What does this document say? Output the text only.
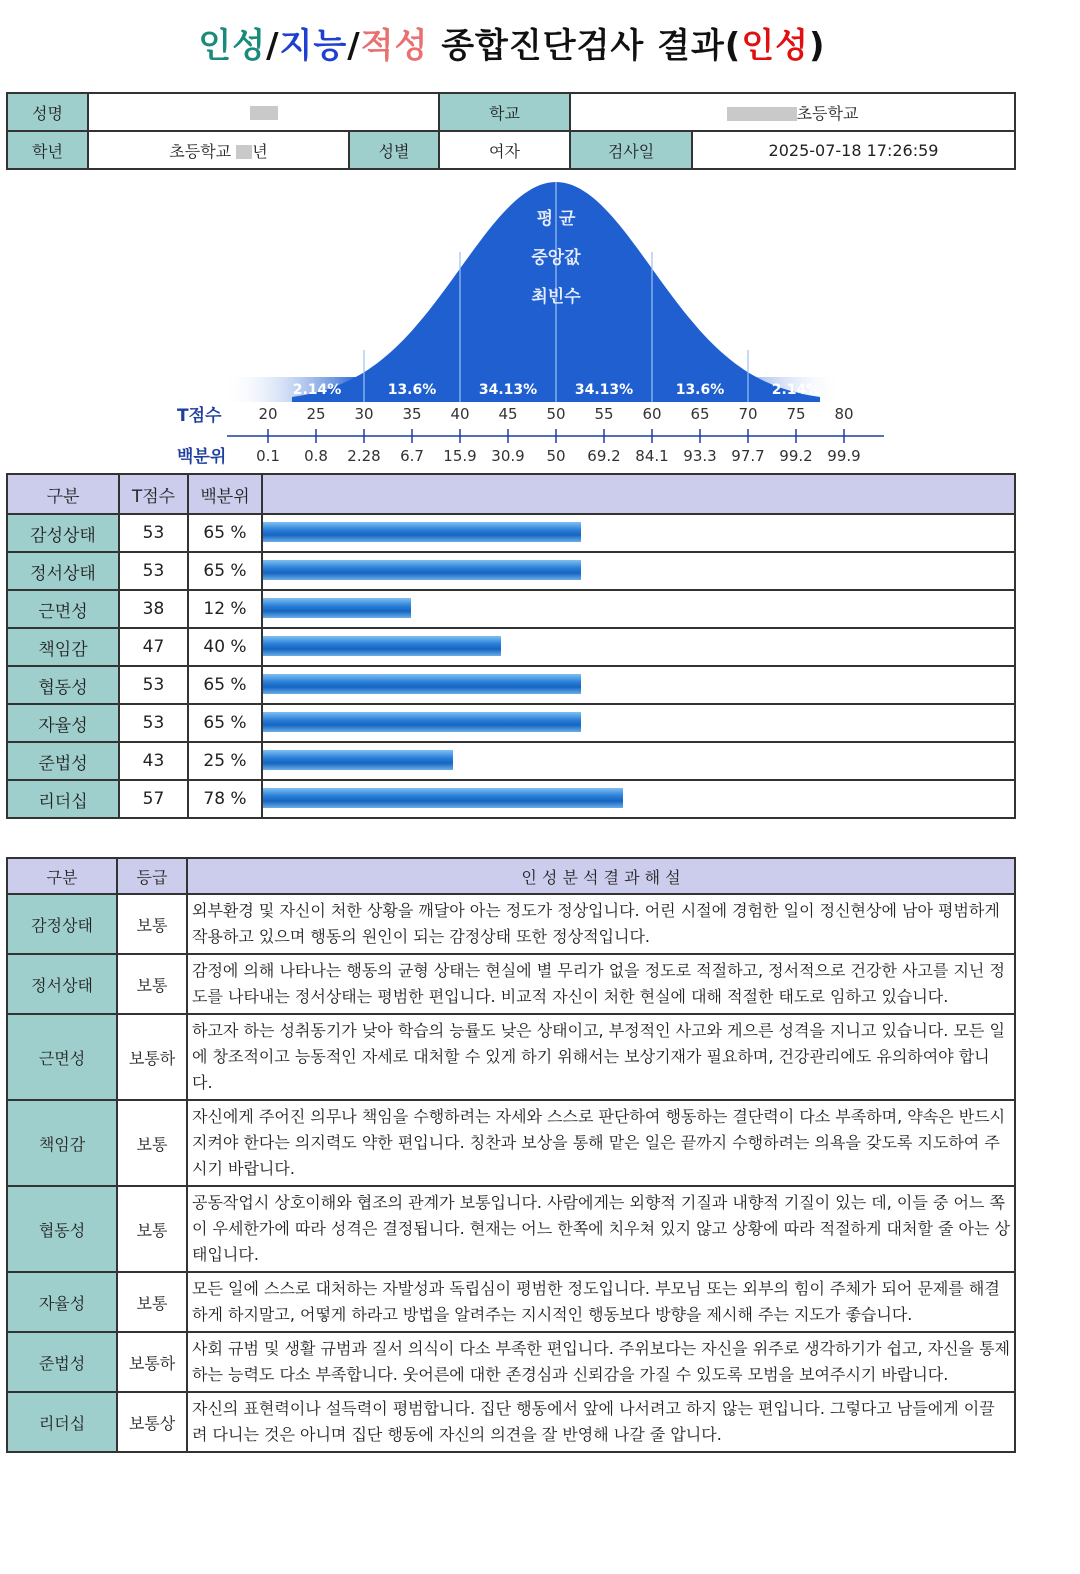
인성/지능/적성 종합진단검사 결과(인성)
성명			학교	초등학교	
학년	초등학교 년	성별	여자	검사일	2025-07-18 17:26:59
평 균
중앙값
최빈수
2.14%	13.6%	34.13%	34.13%	13.6%	2.14%
T점수 20 25 30 35 40 45 50 55 60 65 70 75 80
백분위 0.1 0.8 2.28 6.7 15.9 30.9 50 69.2 84.1 93.3 97.7 99.2 99.9
구분	T점수	백분위	
감성상태	53	65 %	

정서상태	53	65 %	

근면성	38	12 %	

책임감	47	40 %	

협동성	53	65 %	

자율성	53	65 %	

준법성	43	25 %	

리더십	57	78 %	
구분	등급	인 성 분 석 결 과 해 설
감정상태	보통	외부환경 및 자신이 처한 상황을 깨달아 아는 정도가 정상입니다. 어린 시절에 경험한 일이 정신현상에 남아 평범하게 작용하고 있으며 행동의 원인이 되는 감정상태 또한 정상적입니다.
정서상태	보통	감정에 의해 나타나는 행동의 균형 상태는 현실에 별 무리가 없을 정도로 적절하고, 정서적으로 건강한 사고를 지닌 정도를 나타내는 정서상태는 평범한 편입니다. 비교적 자신이 처한 현실에 대해 적절한 태도로 임하고 있습니다.
근면성	보통하	하고자 하는 성취동기가 낮아 학습의 능률도 낮은 상태이고, 부정적인 사고와 게으른 성격을 지니고 있습니다. 모든 일에 창조적이고 능동적인 자세로 대처할 수 있게 하기 위해서는 보상기재가 필요하며, 건강관리에도 유의하여야 합니다.
책임감	보통	자신에게 주어진 의무나 책임을 수행하려는 자세와 스스로 판단하여 행동하는 결단력이 다소 부족하며, 약속은 반드시 지켜야 한다는 의지력도 약한 편입니다. 칭찬과 보상을 통해 맡은 일은 끝까지 수행하려는 의욕을 갖도록 지도하여 주시기 바랍니다.
협동성	보통	공동작업시 상호이해와 협조의 관계가 보통입니다. 사람에게는 외향적 기질과 내향적 기질이 있는 데, 이들 중 어느 쪽이 우세한가에 따라 성격은 결정됩니다. 현재는 어느 한쪽에 치우쳐 있지 않고 상황에 따라 적절하게 대처할 줄 아는 상태입니다.
자율성	보통	모든 일에 스스로 대처하는 자발성과 독립심이 평범한 정도입니다. 부모님 또는 외부의 힘이 주체가 되어 문제를 해결하게 하지말고, 어떻게 하라고 방법을 알려주는 지시적인 행동보다 방향을 제시해 주는 지도가 좋습니다.
준법성	보통하	사회 규범 및 생활 규범과 질서 의식이 다소 부족한 편입니다. 주위보다는 자신을 위주로 생각하기가 쉽고, 자신을 통제하는 능력도 다소 부족합니다. 웃어른에 대한 존경심과 신뢰감을 가질 수 있도록 모범을 보여주시기 바랍니다.
리더십	보통상	자신의 표현력이나 설득력이 평범합니다. 집단 행동에서 앞에 나서려고 하지 않는 편입니다. 그렇다고 남들에게 이끌려 다니는 것은 아니며 집단 행동에 자신의 의견을 잘 반영해 나갈 줄 압니다.
